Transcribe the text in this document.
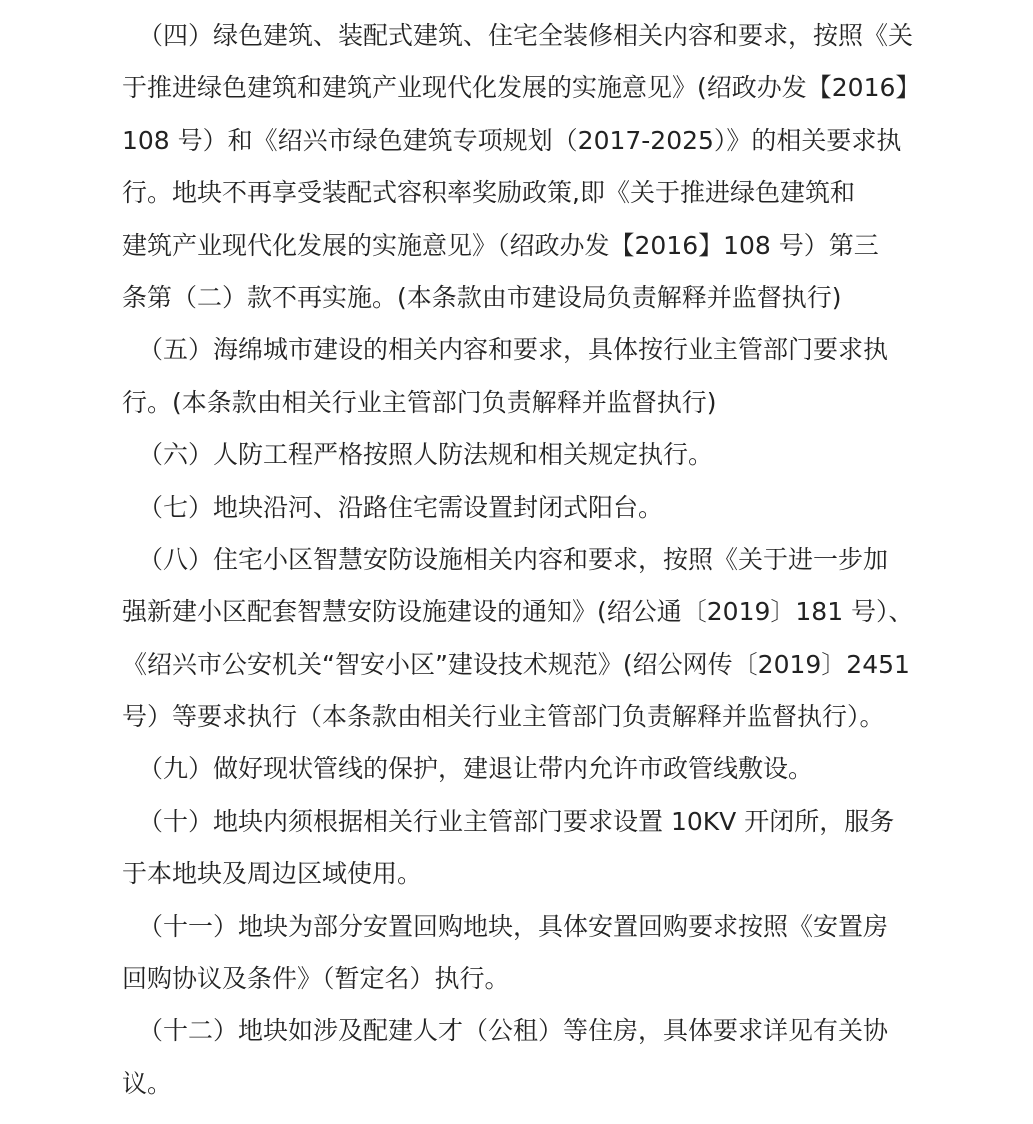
（四）绿色建筑、装配式建筑、住宅全装修相关内容和要求，按照《关
于推进绿色建筑和建筑产业现代化发展的实施意见》(绍政办发【2016】
108 号）和《绍兴市绿色建筑专项规划（2017-2025）》的相关要求执
行。地块不再享受装配式容积率奖励政策,即《关于推进绿色建筑和
建筑产业现代化发展的实施意见》（绍政办发【2016】108 号）第三
条第（二）款不再实施。(本条款由市建设局负责解释并监督执行)
（五）海绵城市建设的相关内容和要求，具体按行业主管部门要求执
行。(本条款由相关行业主管部门负责解释并监督执行)
（六）人防工程严格按照人防法规和相关规定执行。
（七）地块沿河、沿路住宅需设置封闭式阳台。
（八）住宅小区智慧安防设施相关内容和要求，按照《关于进一步加
强新建小区配套智慧安防设施建设的通知》(绍公通〔2019〕181 号）、
《绍兴市公安机关“智安小区”建设技术规范》(绍公网传〔2019〕2451
号）等要求执行（本条款由相关行业主管部门负责解释并监督执行）。
（九）做好现状管线的保护，建退让带内允许市政管线敷设。
（十）地块内须根据相关行业主管部门要求设置 10KV 开闭所，服务
于本地块及周边区域使用。
（十一）地块为部分安置回购地块，具体安置回购要求按照《安置房
回购协议及条件》（暂定名）执行。
（十二）地块如涉及配建人才（公租）等住房，具体要求详见有关协
议。
